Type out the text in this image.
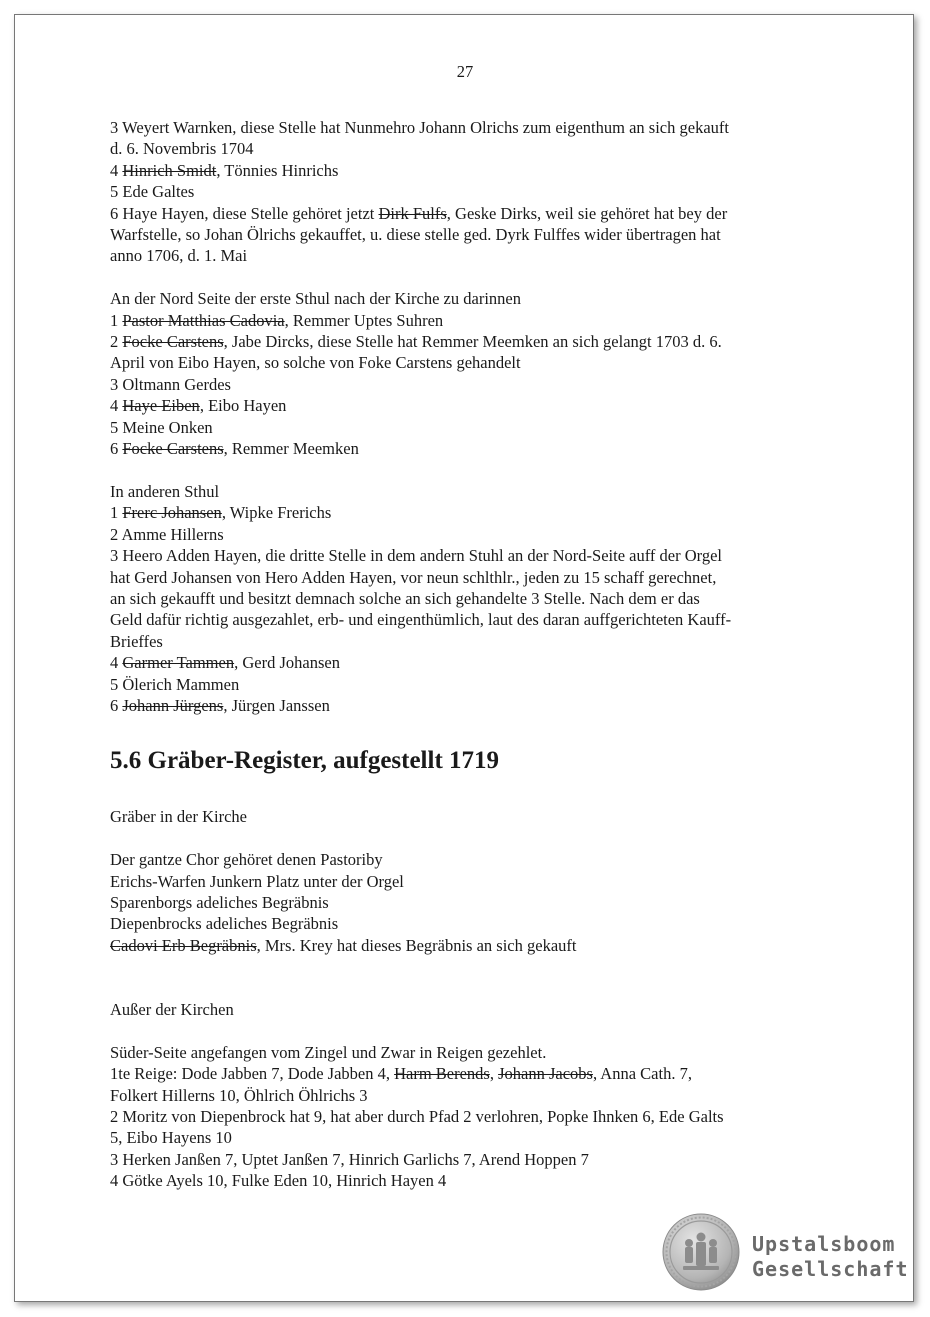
27
3 Weyert Warnken, diese Stelle hat Nunmehro Johann Olrichs zum eigenthum an sich gekauft
d. 6. Novembris 1704
4 Hinrich Smidt, Tönnies Hinrichs
5 Ede Galtes
6 Haye Hayen, diese Stelle gehöret jetzt Dirk Fulfs, Geske Dirks, weil sie gehöret hat bey der
Warfstelle, so Johan Ölrichs gekauffet, u. diese stelle ged. Dyrk Fulffes wider übertragen hat
anno 1706, d. 1. Mai
An der Nord Seite der erste Sthul nach der Kirche zu darinnen
1 Pastor Matthias Cadovia, Remmer Uptes Suhren
2 Focke Carstens, Jabe Dircks, diese Stelle hat Remmer Meemken an sich gelangt 1703 d. 6.
April von Eibo Hayen, so solche von Foke Carstens gehandelt
3 Oltmann Gerdes
4 Haye Eiben, Eibo Hayen
5 Meine Onken
6 Focke Carstens, Remmer Meemken
In anderen Sthul
1 Frerc Johansen, Wipke Frerichs
2 Amme Hillerns
3 Heero Adden Hayen, die dritte Stelle in dem andern Stuhl an der Nord-Seite auff der Orgel
hat Gerd Johansen von Hero Adden Hayen, vor neun schlthlr., jeden zu 15 schaff gerechnet,
an sich gekaufft und besitzt demnach solche an sich gehandelte 3 Stelle. Nach dem er das
Geld dafür richtig ausgezahlet, erb- und eingenthümlich, laut des daran auffgerichteten Kauff-
Brieffes
4 Garmer Tammen, Gerd Johansen
5 Ölerich Mammen
6 Johann Jürgens, Jürgen Janssen
5.6 Gräber-Register, aufgestellt 1719
Gräber in der Kirche
Der gantze Chor gehöret denen Pastoriby
Erichs-Warfen Junkern Platz unter der Orgel
Sparenborgs adeliches Begräbnis
Diepenbrocks adeliches Begräbnis
Cadovi Erb Begräbnis, Mrs. Krey hat dieses Begräbnis an sich gekauft
Außer der Kirchen
Süder-Seite angefangen vom Zingel und Zwar in Reigen gezehlet.
1te Reige: Dode Jabben 7, Dode Jabben 4, Harm Berends, Johann Jacobs, Anna Cath. 7,
Folkert Hillerns 10, Öhlrich Öhlrichs 3
2 Moritz von Diepenbrock hat 9, hat aber durch Pfad 2 verlohren, Popke Ihnken 6, Ede Galts
5, Eibo Hayens 10
3 Herken Janßen 7, Uptet Janßen 7, Hinrich Garlichs 7, Arend Hoppen 7
4 Götke Ayels 10, Fulke Eden 10, Hinrich Hayen 4
Upstalsboom
Gesellschaft
